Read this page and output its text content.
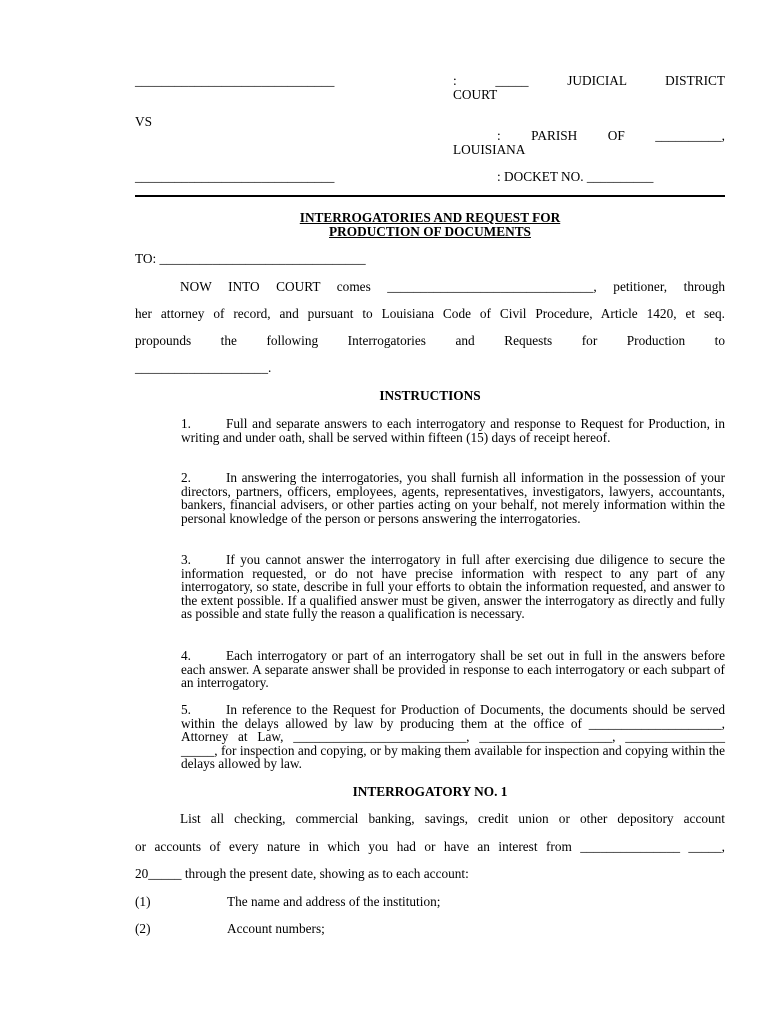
______________________________	: _____ JUDICIAL DISTRICT
COURT
VS
: PARISH OF __________,
LOUISIANA
______________________________	: DOCKET NO. __________
INTERROGATORIES AND REQUEST FOR
PRODUCTION OF DOCUMENTS
TO: _______________________________
NOW INTO COURT comes _______________________________, petitioner, through
her attorney of record, and pursuant to Louisiana Code of Civil Procedure, Article 1420, et seq.
propounds the following Interrogatories and Requests for Production to
____________________.
INSTRUCTIONS
1.	Full and separate answers to each interrogatory and response to Request for Production, in writing and under oath, shall be served within fifteen (15) days of receipt hereof.
2.	In answering the interrogatories, you shall furnish all information in the possession of your directors, partners, officers, employees, agents, representatives, investigators, lawyers, accountants, bankers, financial advisers, or other parties acting on your behalf, not merely information within the personal knowledge of the person or persons answering the interrogatories.
3.	If you cannot answer the interrogatory in full after exercising due diligence to secure the information requested, or do not have precise information with respect to any part of any interrogatory, so state, describe in full your efforts to obtain the information requested, and answer to the extent possible. If a qualified answer must be given, answer the interrogatory as directly and fully as possible and state fully the reason a qualification is necessary.
4.	Each interrogatory or part of an interrogatory shall be set out in full in the answers before each answer. A separate answer shall be provided in response to each interrogatory or each subpart of an interrogatory.
5.	In reference to the Request for Production of Documents, the documents should be served within the delays allowed by law by producing them at the office of ____________________, Attorney at Law, __________________________, ____________________, _______________ _____, for inspection and copying, or by making them available for inspection and copying within the delays allowed by law.
INTERROGATORY NO. 1
List all checking, commercial banking, savings, credit union or other depository account
or accounts of every nature in which you had or have an interest from _______________ _____,
20_____ through the present date, showing as to each account:
(1)	The name and address of the institution;
(2)	Account numbers;
